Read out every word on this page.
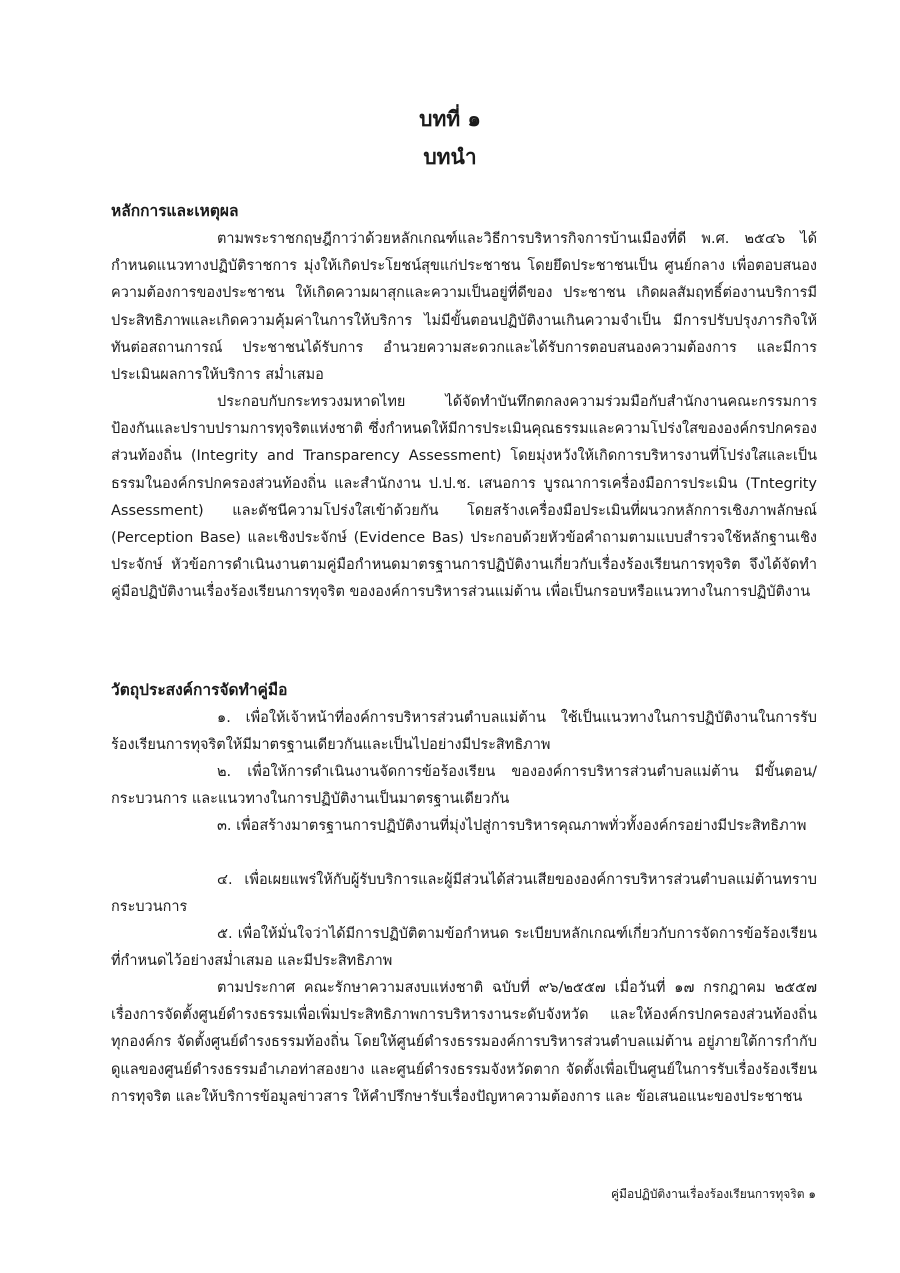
บทที่ ๑
บทนำ
หลักการและเหตุผล

ตามพระราชกฤษฎีกาว่าด้วยหลักเกณฑ์และวิธีการบริหารกิจการบ้านเมืองที่ดี พ.ศ. ๒๕๔๖ ได้กำหนดแนวทางปฏิบัติราชการ มุ่งให้เกิดประโยชน์สุขแก่ประชาชน โดยยึดประชาชนเป็น ศูนย์กลาง เพื่อตอบสนองความต้องการของประชาชน ให้เกิดความผาสุกและความเป็นอยู่ที่ดีของ ประชาชน เกิดผลสัมฤทธิ์ต่องานบริการมีประสิทธิภาพและเกิดความคุ้มค่าในการให้บริการ ไม่มีขั้นตอนปฏิบัติงานเกินความจำเป็น มีการปรับปรุงภารกิจให้ทันต่อสถานการณ์ ประชาชนได้รับการ อำนวยความสะดวกและได้รับการตอบสนองความต้องการ และมีการประเมินผลการให้บริการ สม่ำเสมอ

ประกอบกับกระทรวงมหาดไทย ได้จัดทำบันทึกตกลงความร่วมมือกับสำนักงานคณะกรรมการป้องกันและปราบปรามการทุจริตแห่งชาติ ซึ่งกำหนดให้มีการประเมินคุณธรรมและความโปร่งใสขององค์กรปกครองส่วนท้องถิ่น (Integrity and Transparency Assessment) โดยมุ่งหวังให้เกิดการบริหารงานที่โปร่งใสและเป็นธรรมในองค์กรปกครองส่วนท้องถิ่น และสำนักงาน ป.ป.ช. เสนอการ บูรณาการเครื่องมือการประเมิน (Tntegrity Assessment) และดัชนีความโปร่งใสเข้าด้วยกัน โดยสร้างเครื่องมือประเมินที่ผนวกหลักการเชิงภาพลักษณ์ (Perception Base) และเชิงประจักษ์ (Evidence Bas) ประกอบด้วยหัวข้อคำถามตามแบบสำรวจใช้หลักฐานเชิงประจักษ์ หัวข้อการดำเนินงานตามคู่มือกำหนดมาตรฐานการปฏิบัติงานเกี่ยวกับเรื่องร้องเรียนการทุจริต จึงได้จัดทำคู่มือปฏิบัติงานเรื่องร้องเรียนการทุจริต ขององค์การบริหารส่วนแม่ต้าน เพื่อเป็นกรอบหรือแนวทางในการปฏิบัติงาน

วัตถุประสงค์การจัดทำคู่มือ

๑. เพื่อให้เจ้าหน้าที่องค์การบริหารส่วนตำบลแม่ต้าน ใช้เป็นแนวทางในการปฏิบัติงานในการรับร้องเรียนการทุจริตให้มีมาตรฐานเดียวกันและเป็นไปอย่างมีประสิทธิภาพ

๒. เพื่อให้การดำเนินงานจัดการข้อร้องเรียน ขององค์การบริหารส่วนตำบลแม่ต้าน มีขั้นตอน/กระบวนการ และแนวทางในการปฏิบัติงานเป็นมาตรฐานเดียวกัน

๓. เพื่อสร้างมาตรฐานการปฏิบัติงานที่มุ่งไปสู่การบริหารคุณภาพทั่วทั้งองค์กรอย่างมีประสิทธิภาพ

๔. เพื่อเผยแพร่ให้กับผู้รับบริการและผู้มีส่วนได้ส่วนเสียขององค์การบริหารส่วนตำบลแม่ต้านทราบกระบวนการ

๕. เพื่อให้มั่นใจว่าได้มีการปฏิบัติตามข้อกำหนด ระเบียบหลักเกณฑ์เกี่ยวกับการจัดการข้อร้องเรียนที่กำหนดไว้อย่างสม่ำเสมอ และมีประสิทธิภาพ

ตามประกาศ คณะรักษาความสงบแห่งชาติ ฉบับที่ ๙๖/๒๕๕๗ เมื่อวันที่ ๑๗ กรกฎาคม ๒๕๕๗ เรื่องการจัดตั้งศูนย์ดำรงธรรมเพื่อเพิ่มประสิทธิภาพการบริหารงานระดับจังหวัด และให้องค์กรปกครองส่วนท้องถิ่นทุกองค์กร จัดตั้งศูนย์ดำรงธรรมท้องถิ่น โดยให้ศูนย์ดำรงธรรมองค์การบริหารส่วนตำบลแม่ต้าน อยู่ภายใต้การกำกับดูแลของศูนย์ดำรงธรรมอำเภอท่าสองยาง และศูนย์ดำรงธรรมจังหวัดตาก จัดตั้งเพื่อเป็นศูนย์ในการรับเรื่องร้องเรียนการทุจริต และให้บริการข้อมูลข่าวสาร ให้คำปรึกษารับเรื่องปัญหาความต้องการ และ ข้อเสนอแนะของประชาชน

คู่มือปฏิบัติงานเรื่องร้องเรียนการทุจริต ๑
